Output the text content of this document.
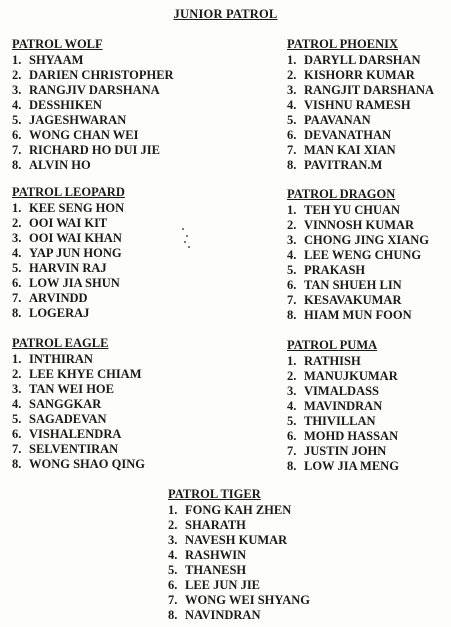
JUNIOR PATROL
PATROL WOLF
1. SHYAAM
2. DARIEN CHRISTOPHER
3. RANGJIV DARSHANA
4. DESSHIKEN
5. JAGESHWARAN
6. WONG CHAN WEI
7. RICHARD HO DUI JIE
8. ALVIN HO
PATROL PHOENIX
1. DARYLL DARSHAN
2. KISHORR KUMAR
3. RANGJIT DARSHANA
4. VISHNU RAMESH
5. PAAVANAN
6. DEVANATHAN
7. MAN KAI XIAN
8. PAVITRAN.M
PATROL LEOPARD
1. KEE SENG HON
2. OOI WAI KIT
3. OOI WAI KHAN
4. YAP JUN HONG
5. HARVIN RAJ
6. LOW JIA SHUN
7. ARVINDD
8. LOGERAJ
PATROL DRAGON
1. TEH YU CHUAN
2. VINNOSH KUMAR
3. CHONG JING XIANG
4. LEE WENG CHUNG
5. PRAKASH
6. TAN SHUEH LIN
7. KESAVAKUMAR
8. HIAM MUN FOON
PATROL EAGLE
1. INTHIRAN
2. LEE KHYE CHIAM
3. TAN WEI HOE
4. SANGGKAR
5. SAGADEVAN
6. VISHALENDRA
7. SELVENTIRAN
8. WONG SHAO QING
PATROL PUMA
1. RATHISH
2. MANUJKUMAR
3. VIMALDASS
4. MAVINDRAN
5. THIVILLAN
6. MOHD HASSAN
7. JUSTIN JOHN
8. LOW JIA MENG
PATROL TIGER
1. FONG KAH ZHEN
2. SHARATH
3. NAVESH KUMAR
4. RASHWIN
5. THANESH
6. LEE JUN JIE
7. WONG WEI SHYANG
8. NAVINDRAN
